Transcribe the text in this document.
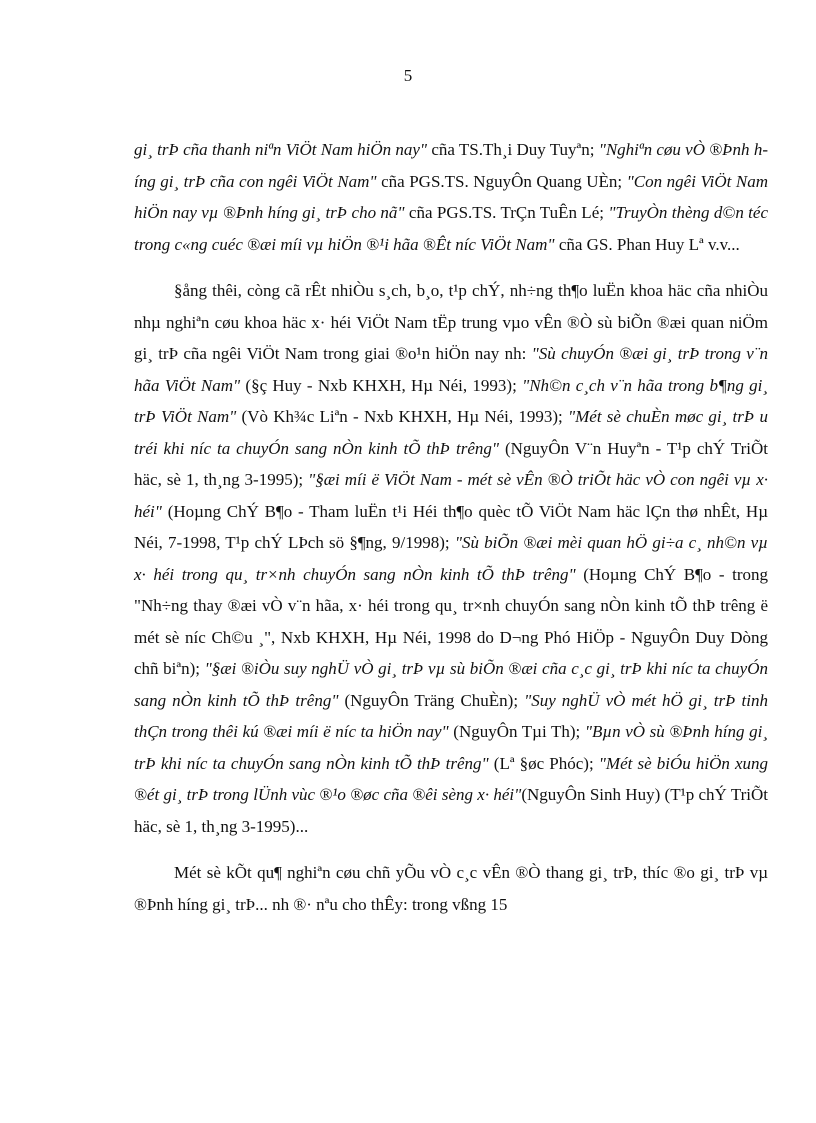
5

gi¸ trÞ cña thanh niªn ViÖt Nam hiÖn nay" cña TS.Th¸i Duy Tuyªn; "Nghiªn cøu vÒ ®Þnh híng gi¸ trÞ cña con ngêi ViÖt Nam" cña PGS.TS. NguyÔn Quang UÈn; "Con ngêi ViÖt Nam hiÖn nay vµ ®Þnh híng gi¸ trÞ cho nã" cña PGS.TS. TrÇn TuÊn Lé; "TruyÒn thèng d©n téc trong c«ng cuéc ®æi míi vµ hiÖn ®¹i hãa ®Êt níc ViÖt Nam" cña GS. Phan Huy Lª v.v...

§ång thêi, còng cã rÊt nhiÒu s¸ch, b¸o, t¹p chÝ, nh÷ng th¶o luËn khoa häc cña nhiÒu nhµ nghiªn cøu khoa häc x· héi ViÖt Nam tËp trung vµo vÊn ®Ò sù biÕn ®æi quan niÖm gi¸ trÞ cña ngêi ViÖt Nam trong giai ®o¹n hiÖn nay nh: "Sù chuyÓn ®æi gi¸ trÞ trong v¨n hãa ViÖt Nam" (§ç Huy - Nxb KHXH, Hµ Néi, 1993); "Nh©n c¸ch v¨n hãa trong b¶ng gi¸ trÞ ViÖt Nam" (Vò Kh¾c Liªn - Nxb KHXH, Hµ Néi, 1993); "Mét sè chuÈn møc gi¸ trÞ u tréi khi níc ta chuyÓn sang nÒn kinh tÕ thÞ trêng" (NguyÔn V¨n Huyªn - T¹p chÝ TriÕt häc, sè 1, th¸ng 3-1995); "§æi míi ë ViÖt Nam - mét sè vÊn ®Ò triÕt häc vÒ con ngêi vµ x· héi" (Hoµng ChÝ B¶o - Tham luËn t¹i Héi th¶o quèc tÕ ViÖt Nam häc lÇn thø nhÊt, Hµ Néi, 7-1998, T¹p chÝ LÞch sö §¶ng, 9/1998); "Sù biÕn ®æi mèi quan hÖ gi÷a c¸ nh©n vµ x· héi trong qu¸ tr×nh chuyÓn sang nÒn kinh tÕ thÞ trêng" (Hoµng ChÝ B¶o - trong "Nh÷ng thay ®æi vÒ v¨n hãa, x· héi trong qu¸ tr×nh chuyÓn sang nÒn kinh tÕ thÞ trêng ë mét sè níc Ch©u ¸", Nxb KHXH, Hµ Néi, 1998 do D¬ng Phó HiÖp - NguyÔn Duy Dòng chñ biªn); "§æi ®iÒu suy nghÜ vÒ gi¸ trÞ vµ sù biÕn ®æi cña c¸c gi¸ trÞ khi níc ta chuyÓn sang nÒn kinh tÕ thÞ trêng" (NguyÔn Träng ChuÈn); "Suy nghÜ vÒ mét hÖ gi¸ trÞ tinh thÇn trong thêi kú ®æi míi ë níc ta hiÖn nay" (NguyÔn Tµi Th); "Bµn vÒ sù ®Þnh híng gi¸ trÞ khi níc ta chuyÓn sang nÒn kinh tÕ thÞ trêng" (Lª §øc Phóc); "Mét sè biÓu hiÖn xung ®ét gi¸ trÞ trong lÜnh vùc ®¹o ®øc cña ®êi sèng x· héi"(NguyÔn Sinh Huy) (T¹p chÝ TriÕt häc, sè 1, th¸ng 3-1995)...

Mét sè kÕt qu¶ nghiªn cøu chñ yÕu vÒ c¸c vÊn ®Ò thang gi¸ trÞ, thíc ®o gi¸ trÞ vµ ®Þnh híng gi¸ trÞ... nh ®· nªu cho thÊy: trong vßng 15
